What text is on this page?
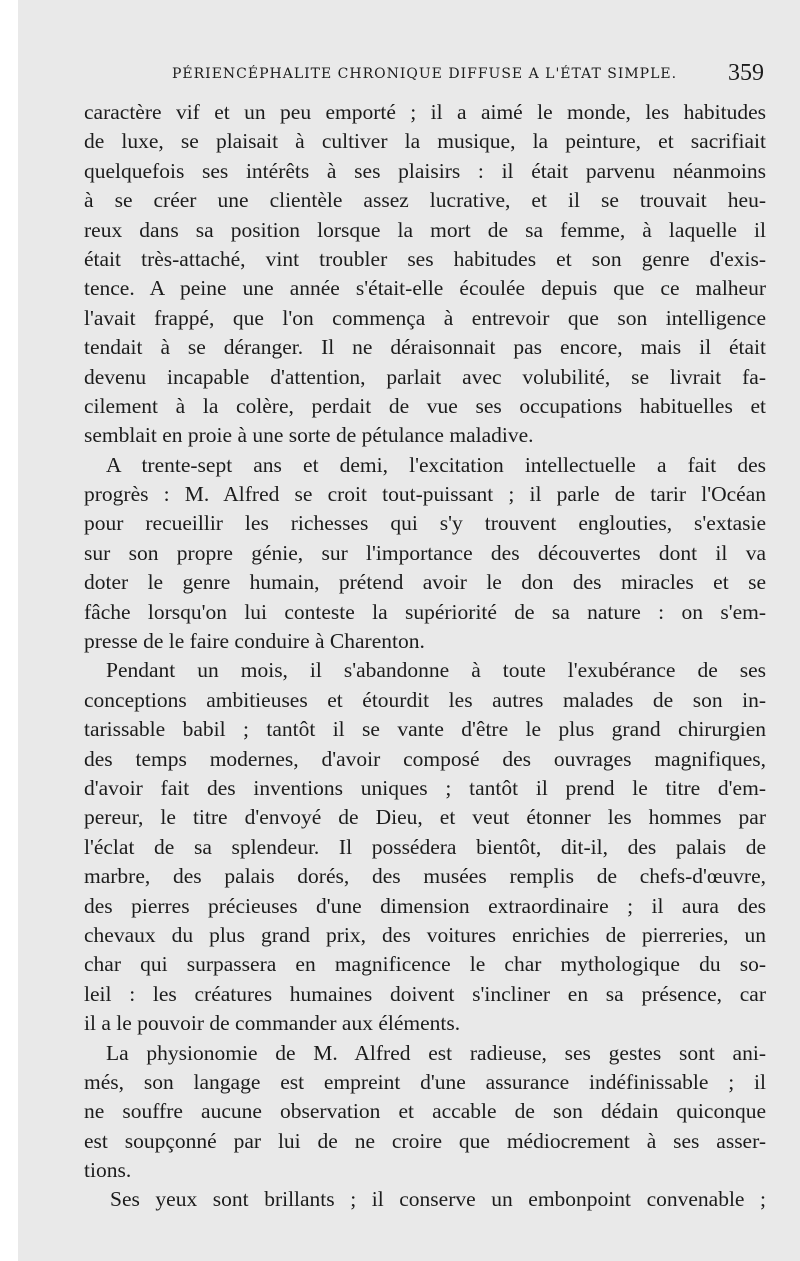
PÉRIENCÉPHALITE CHRONIQUE DIFFUSE A L'ÉTAT SIMPLE. 359
caractère vif et un peu emporté ; il a aimé le monde, les habitudes
de luxe, se plaisait à cultiver la musique, la peinture, et sacrifiait
quelquefois ses intérêts à ses plaisirs : il était parvenu néanmoins
à se créer une clientèle assez lucrative, et il se trouvait heu-
reux dans sa position lorsque la mort de sa femme, à laquelle il
était très-attaché, vint troubler ses habitudes et son genre d'exis-
tence. A peine une année s'était-elle écoulée depuis que ce malheur
l'avait frappé, que l'on commença à entrevoir que son intelligence
tendait à se déranger. Il ne déraisonnait pas encore, mais il était
devenu incapable d'attention, parlait avec volubilité, se livrait fa-
cilement à la colère, perdait de vue ses occupations habituelles et
semblait en proie à une sorte de pétulance maladive.
A trente-sept ans et demi, l'excitation intellectuelle a fait des
progrès : M. Alfred se croit tout-puissant ; il parle de tarir l'Océan
pour recueillir les richesses qui s'y trouvent englouties, s'extasie
sur son propre génie, sur l'importance des découvertes dont il va
doter le genre humain, prétend avoir le don des miracles et se
fâche lorsqu'on lui conteste la supériorité de sa nature : on s'em-
presse de le faire conduire à Charenton.
Pendant un mois, il s'abandonne à toute l'exubérance de ses
conceptions ambitieuses et étourdit les autres malades de son in-
tarissable babil ; tantôt il se vante d'être le plus grand chirurgien
des temps modernes, d'avoir composé des ouvrages magnifiques,
d'avoir fait des inventions uniques ; tantôt il prend le titre d'em-
pereur, le titre d'envoyé de Dieu, et veut étonner les hommes par
l'éclat de sa splendeur. Il possédera bientôt, dit-il, des palais de
marbre, des palais dorés, des musées remplis de chefs-d'œuvre,
des pierres précieuses d'une dimension extraordinaire ; il aura des
chevaux du plus grand prix, des voitures enrichies de pierreries, un
char qui surpassera en magnificence le char mythologique du so-
leil : les créatures humaines doivent s'incliner en sa présence, car
il a le pouvoir de commander aux éléments.
La physionomie de M. Alfred est radieuse, ses gestes sont ani-
més, son langage est empreint d'une assurance indéfinissable ; il
ne souffre aucune observation et accable de son dédain quiconque
est soupçonné par lui de ne croire que médiocrement à ses asser-
tions.
Ses yeux sont brillants ; il conserve un embonpoint convenable ;
